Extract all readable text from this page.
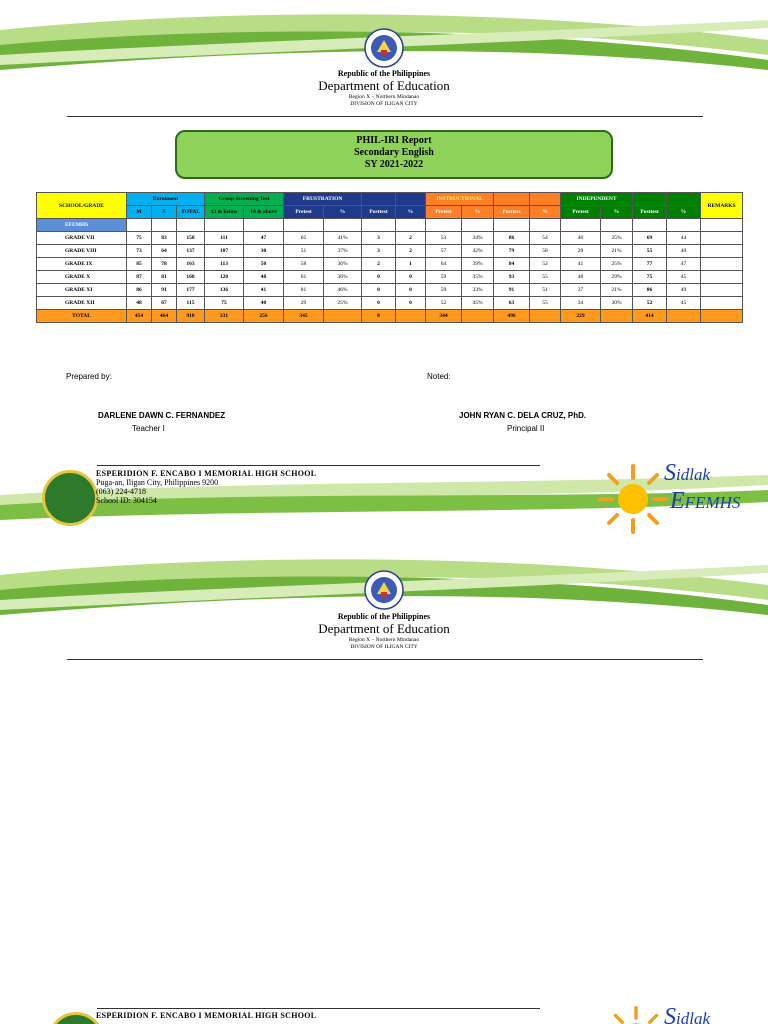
Republic of the Philippines
Department of Education
Region X – Northern Mindanao
DIVISION OF ILIGAN CITY
PHIL-IRI Report
Secondary English
SY 2021-2022
SCHOOL/GRADE	Enrolment			Group Screening Test		FRUSTRATION				INSTRUCTIONAL				INDEPENDENT				REMARKS
	M	F	TOTAL	13 & below	14 & above	Pretest	%	Posttest	%	Pretest	%	Posttest	%	Pretest	%	Posttest	%	
EFEMHS																		
GRADE VII	75	83	158	111	47	65	41%	3	2	53	34%	86	54	40	25%	69	44	
GRADE VIII	73	64	137	107	30	51	37%	3	2	57	42%	79	58	29	21%	55	40	
GRADE IX	85	78	163	113	50	58	36%	2	1	64	39%	84	52	41	25%	77	47	
GRADE X	87	81	168	120	48	61	36%	0	0	59	35%	93	55	48	29%	75	45	
GRADE XI	86	91	177	136	41	81	46%	0	0	59	33%	91	51	37	21%	86	49	
GRADE XII	48	67	115	75	40	29	25%	0	0	52	45%	63	55	34	30%	52	45	
TOTAL	454	464	918	331	256	345		8		344		496		229		414		
Prepared by:	Noted:
DARLENE DAWN C. FERNANDEZ
Teacher I
JOHN RYAN C. DELA CRUZ, PhD.
Principal II
ESPERIDION F. ENCABO I MEMORIAL HIGH SCHOOL
Puga-an, Iligan City, Philippines 9200
(063) 224-4718
School ID: 304154
Sidlak
EFEMHS
Republic of the Philippines
Department of Education
Region X – Northern Mindanao
DIVISION OF ILIGAN CITY
ESPERIDION F. ENCABO I MEMORIAL HIGH SCHOOL	Sidlak
